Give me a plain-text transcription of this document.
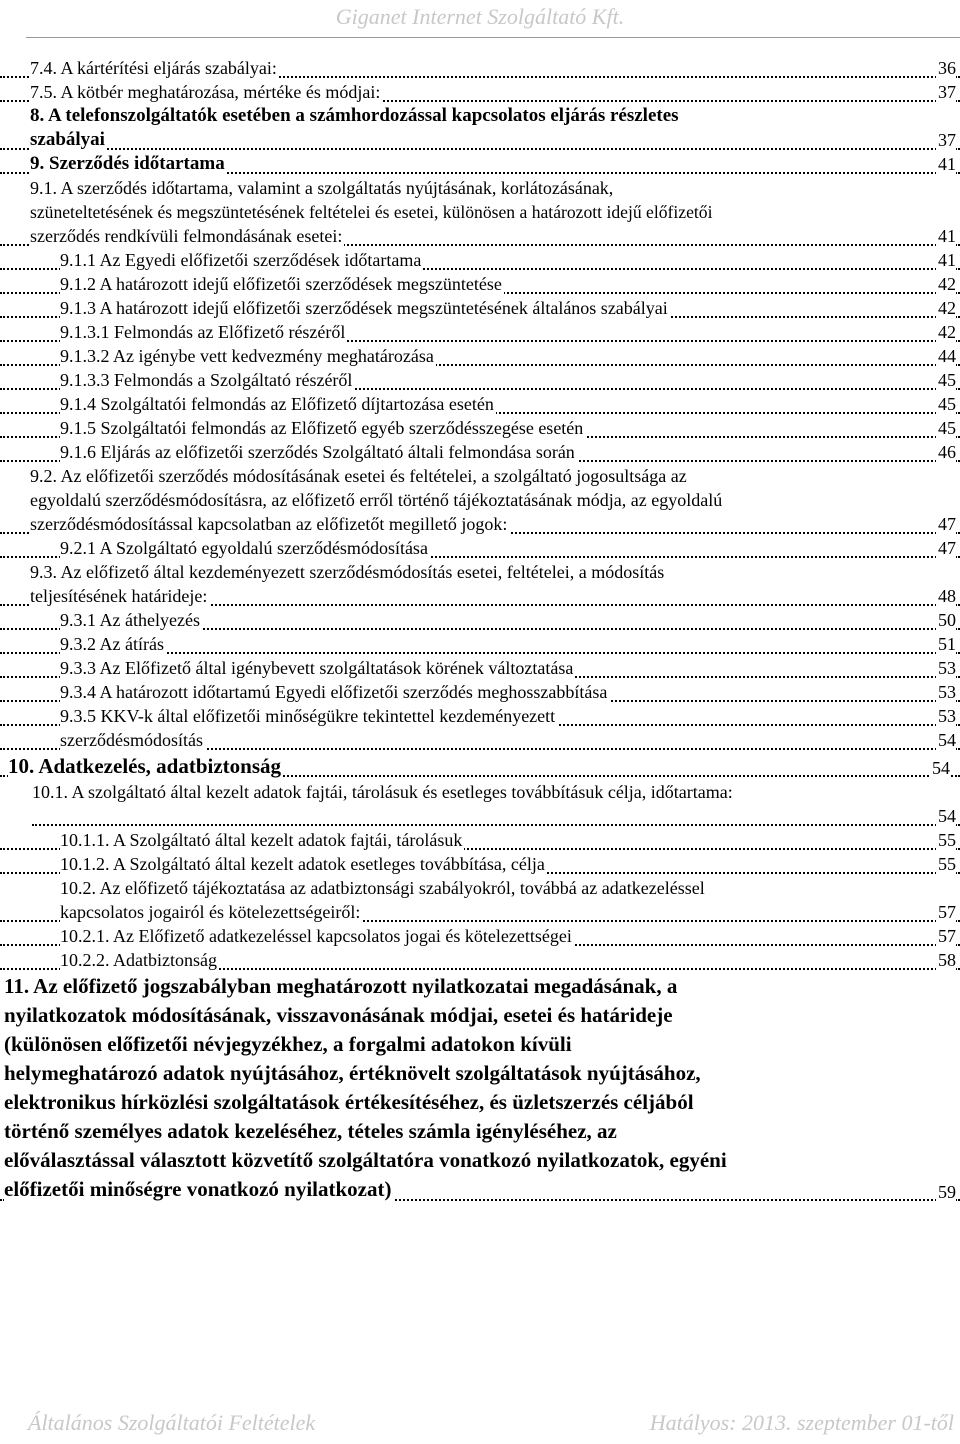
Giganet Internet Szolgáltató Kft.
7.4. A kártérítési eljárás szabályai:	36
7.5. A kötbér meghatározása, mértéke és módjai:	37
8. A telefonszolgáltatók esetében a számhordozással kapcsolatos eljárás részletes
szabályai	37
9. Szerződés időtartama	41
9.1. A szerződés időtartama, valamint a szolgáltatás nyújtásának, korlátozásának,
szüneteltetésének és megszüntetésének feltételei és esetei, különösen a határozott idejű előfizetői
szerződés rendkívüli felmondásának esetei:	41
9.1.1 Az Egyedi előfizetői szerződések időtartama	41
9.1.2 A határozott idejű előfizetői szerződések megszüntetése	42
9.1.3 A határozott idejű előfizetői szerződések megszüntetésének általános szabályai	42
9.1.3.1 Felmondás az Előfizető részéről	42
9.1.3.2 Az igénybe vett kedvezmény meghatározása	44
9.1.3.3 Felmondás a Szolgáltató részéről	45
9.1.4 Szolgáltatói felmondás az Előfizető díjtartozása esetén	45
9.1.5 Szolgáltatói felmondás az Előfizető egyéb szerződésszegése esetén	45
9.1.6 Eljárás az előfizetői szerződés Szolgáltató általi felmondása során	46
9.2. Az előfizetői szerződés módosításának esetei és feltételei, a szolgáltató jogosultsága az
egyoldalú szerződésmódosításra, az előfizető erről történő tájékoztatásának módja, az egyoldalú
szerződésmódosítással kapcsolatban az előfizetőt megillető jogok:	47
9.2.1 A Szolgáltató egyoldalú szerződésmódosítása	47
9.3. Az előfizető által kezdeményezett szerződésmódosítás esetei, feltételei, a módosítás
teljesítésének határideje:	48
9.3.1 Az áthelyezés	50
9.3.2 Az átírás	51
9.3.3 Az Előfizető által igénybevett szolgáltatások körének változtatása	53
9.3.4 A határozott időtartamú Egyedi előfizetői szerződés meghosszabbítása	53
9.3.5 KKV-k által előfizetői minőségükre tekintettel kezdeményezett	53
szerződésmódosítás	54
10. Adatkezelés, adatbiztonság	54
10.1. A szolgáltató által kezelt adatok fajtái, tárolásuk és esetleges továbbításuk célja, időtartama:
54
10.1.1. A Szolgáltató által kezelt adatok fajtái, tárolásuk	55
10.1.2. A Szolgáltató által kezelt adatok esetleges továbbítása, célja	55
10.2. Az előfizető tájékoztatása az adatbiztonsági szabályokról, továbbá az adatkezeléssel
kapcsolatos jogairól és kötelezettségeiről:	57
10.2.1. Az Előfizető adatkezeléssel kapcsolatos jogai és kötelezettségei	57
10.2.2. Adatbiztonság	58
11. Az előfizető jogszabályban meghatározott nyilatkozatai megadásának, a
nyilatkozatok módosításának, visszavonásának módjai, esetei és határideje
(különösen előfizetői névjegyzékhez, a forgalmi adatokon kívüli
helymeghatározó adatok nyújtásához, értéknövelt szolgáltatások nyújtásához,
elektronikus hírközlési szolgáltatások értékesítéséhez, és üzletszerzés céljából
történő személyes adatok kezeléséhez, tételes számla igényléséhez, az
előválasztással választott közvetítő szolgáltatóra vonatkozó nyilatkozatok, egyéni
előfizetői minőségre vonatkozó nyilatkozat)	59
Általános Szolgáltatói Feltételek	Hatályos: 2013. szeptember 01-től
